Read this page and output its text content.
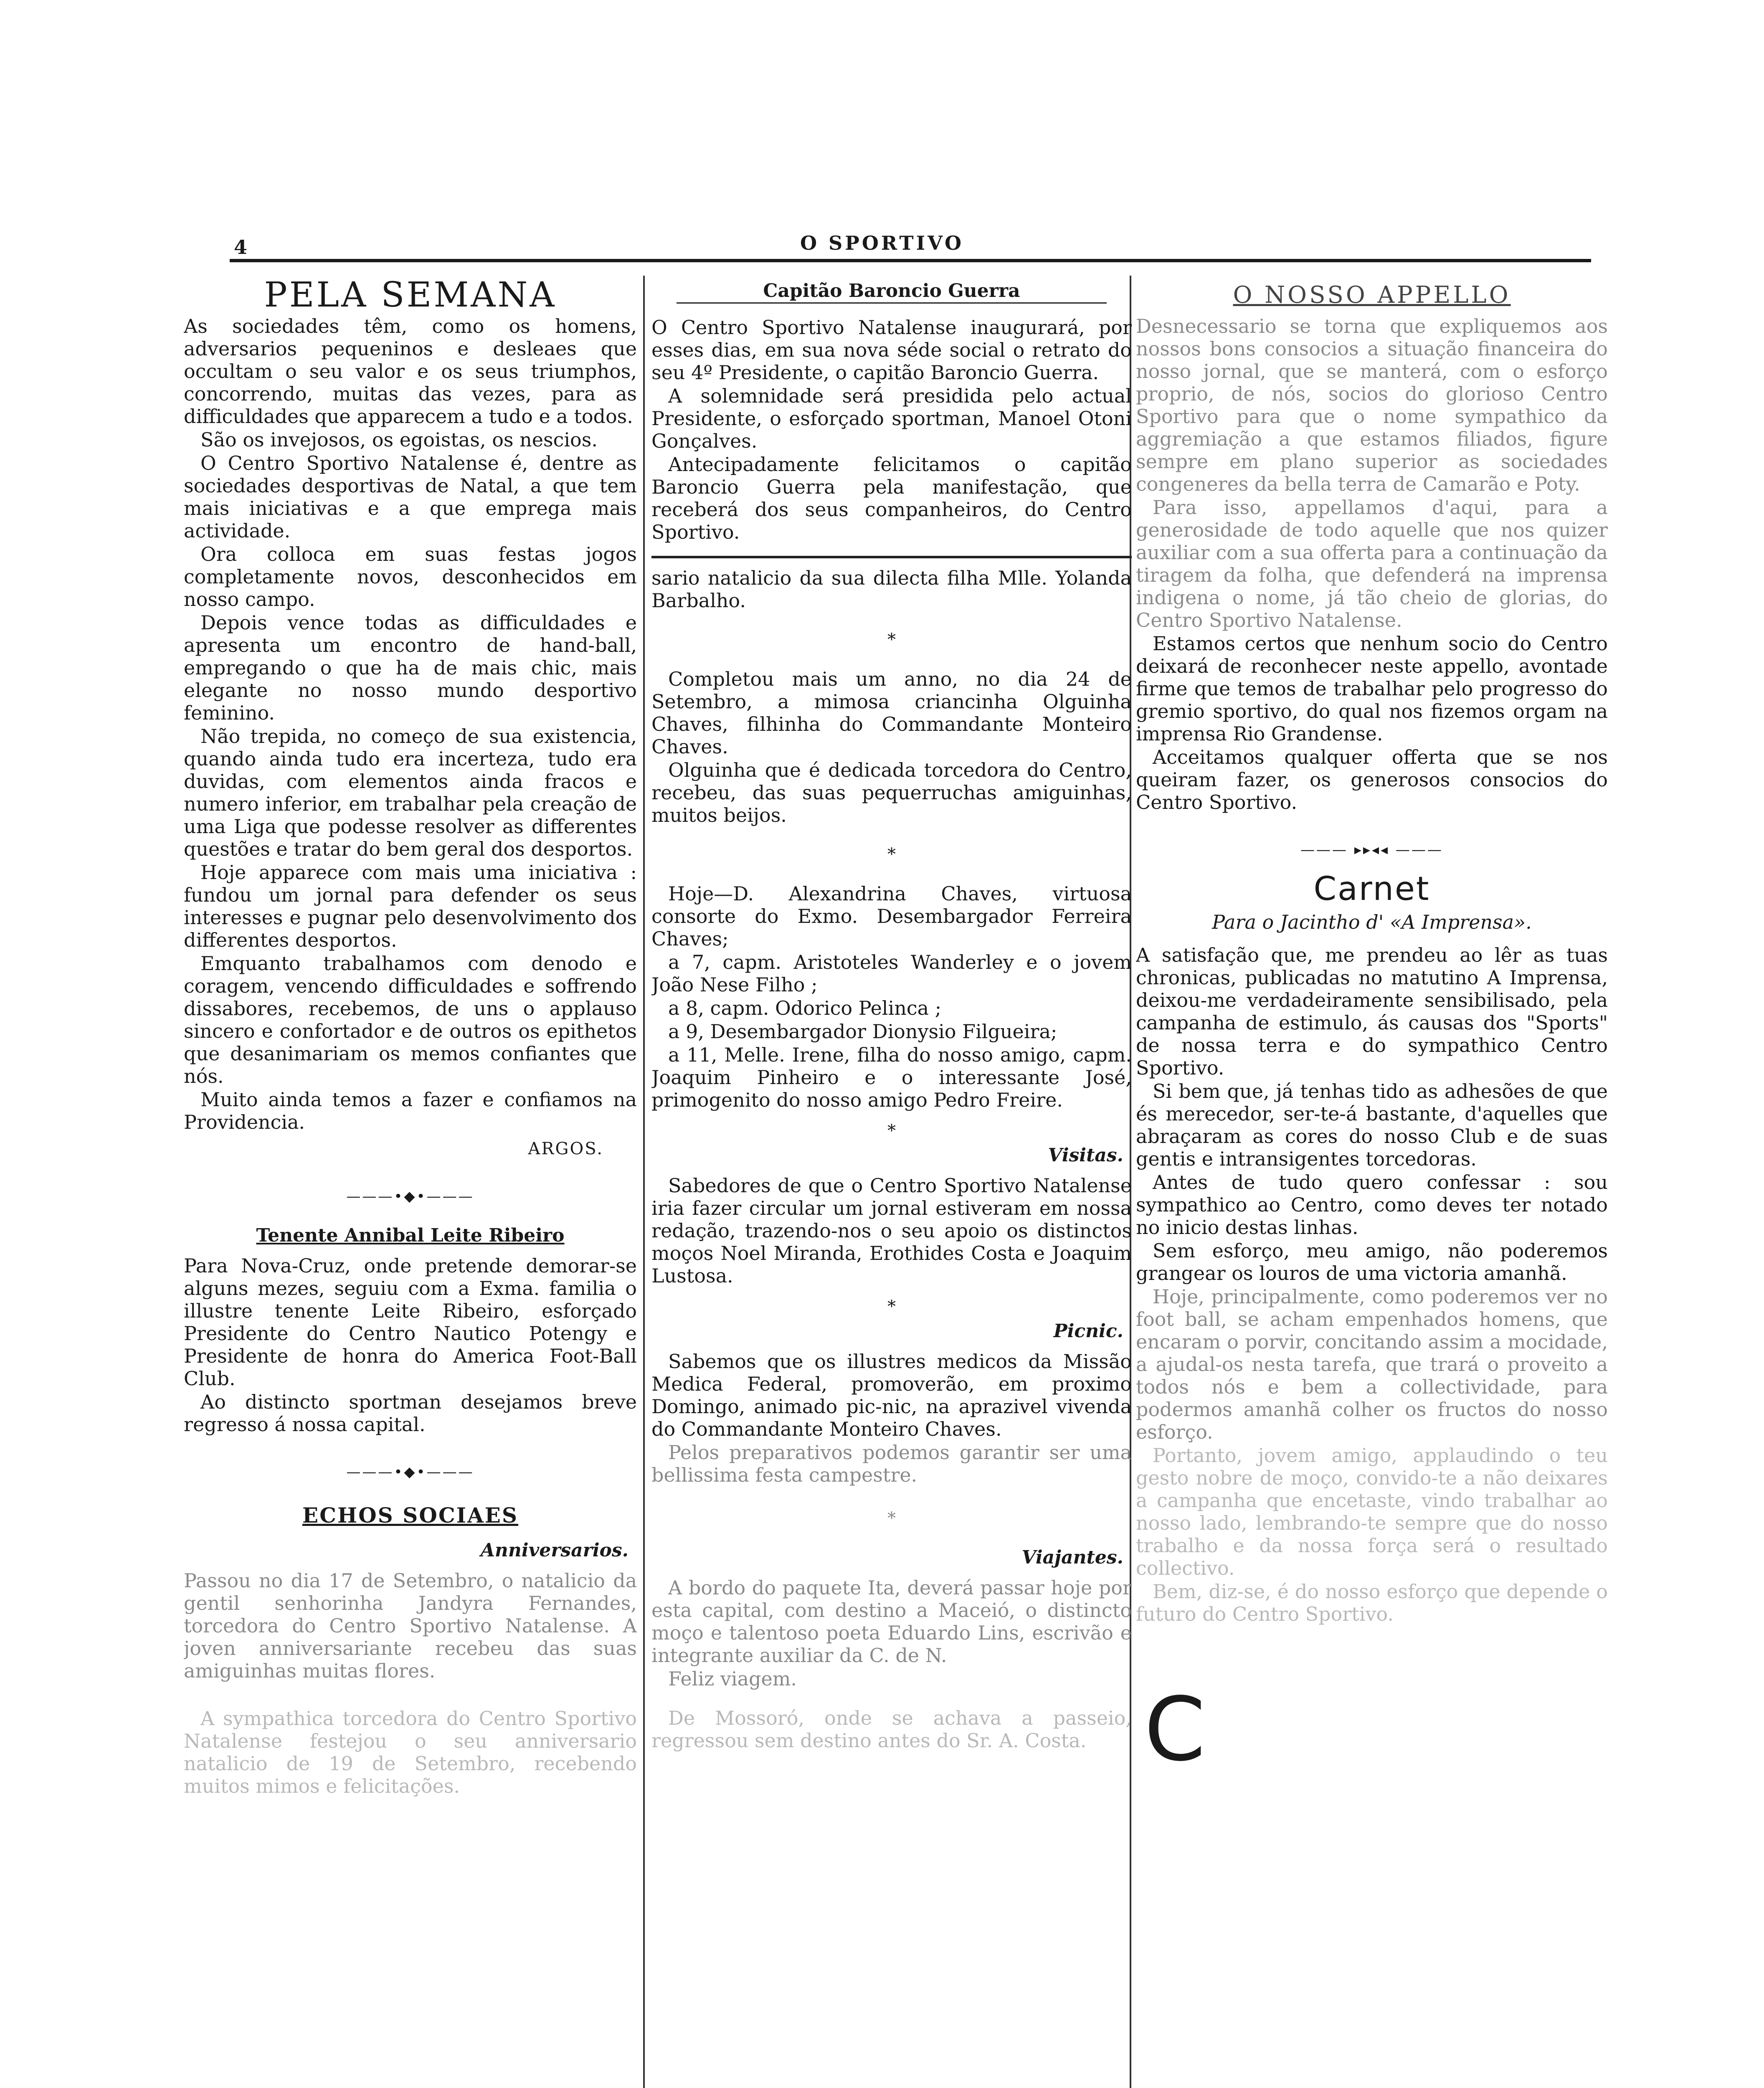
4	O SPORTIVO
PELA SEMANA

As sociedades têm, como os homens, adversarios pequeninos e desleaes que occultam o seu valor e os seus triumphos, concorrendo, muitas das vezes, para as difficuldades que apparecem a tudo e a todos.

São os invejosos, os egoistas, os nescios.

O Centro Sportivo Natalense é, dentre as sociedades desportivas de Natal, a que tem mais iniciativas e a que emprega mais actividade.

Ora colloca em suas festas jogos completamente novos, desconhecidos em nosso campo.

Depois vence todas as difficuldades e apresenta um encontro de hand-ball, empregando o que ha de mais chic, mais elegante no nosso mundo desportivo feminino.

Não trepida, no começo de sua existencia, quando ainda tudo era incerteza, tudo era duvidas, com elementos ainda fracos e numero inferior, em trabalhar pela creação de uma Liga que podesse resolver as differentes questões e tratar do bem geral dos desportos.

Hoje apparece com mais uma iniciativa : fundou um jornal para defender os seus interesses e pugnar pelo desenvolvimento dos differentes desportos.

Emquanto trabalhamos com denodo e coragem, vencendo difficuldades e soffrendo dissabores, recebemos, de uns o applauso sincero e confortador e de outros os epithetos que desanimariam os memos confiantes que nós.

Muito ainda temos a fazer e confiamos na Providencia.

ARGOS.
———•◆•———
Tenente Annibal Leite Ribeiro

Para Nova-Cruz, onde pretende demorar-se alguns mezes, seguiu com a Exma. familia o illustre tenente Leite Ribeiro, esforçado Presidente do Centro Nautico Potengy e Presidente de honra do America Foot-Ball Club.

Ao distincto sportman desejamos breve regresso á nossa capital.

———•◆•———
ECHOS SOCIAES
Anniversarios.

Passou no dia 17 de Setembro, o natalicio da gentil senhorinha Jandyra Fernandes, torcedora do Centro Sportivo Natalense. A joven anniversariante recebeu das suas amiguinhas muitas flores.

A sympathica torcedora do Centro Sportivo Natalense festejou o seu anniversario natalicio de 19 de Setembro, recebendo muitos mimos e felicitações.

Capitão Baroncio Guerra

O Centro Sportivo Natalense inaugurará, por esses dias, em sua nova séde social o retrato do seu 4º Presidente, o capitão Baroncio Guerra.

A solemnidade será presidida pelo actual Presidente, o esforçado sportman, Manoel Otoni Gonçalves.

Antecipadamente felicitamos o capitão Baroncio Guerra pela manifestação, que receberá dos seus companheiros, do Centro Sportivo.

sario natalicio da sua dilecta filha Mlle. Yolanda Barbalho.

*

Completou mais um anno, no dia 24 de Setembro, a mimosa criancinha Olguinha Chaves, filhinha do Commandante Monteiro Chaves.

Olguinha que é dedicada torcedora do Centro, recebeu, das suas pequerruchas amiguinhas, muitos beijos.

*

Hoje—D. Alexandrina Chaves, virtuosa consorte do Exmo. Desembargador Ferreira Chaves;

a 7, capm. Aristoteles Wanderley e o jovem João Nese Filho ;

a 8, capm. Odorico Pelinca ;

a 9, Desembargador Dionysio Filgueira;

a 11, Melle. Irene, filha do nosso amigo, capm. Joaquim Pinheiro e o interessante José, primogenito do nosso amigo Pedro Freire.

*
Visitas.

Sabedores de que o Centro Sportivo Natalense iria fazer circular um jornal estiveram em nossa redação, trazendo-nos o seu apoio os distinctos moços Noel Miranda, Erothides Costa e Joaquim Lustosa.

*
Picnic.

Sabemos que os illustres medicos da Missão Medica Federal, promoverão, em proximo Domingo, animado pic-nic, na aprazivel vivenda do Commandante Monteiro Chaves.

Pelos preparativos podemos garantir ser uma bellissima festa campestre.

*
Viajantes.

A bordo do paquete Ita, deverá passar hoje por esta capital, com destino a Maceió, o distincto moço e talentoso poeta Eduardo Lins, escrivão e integrante auxiliar da C. de N.

Feliz viagem.

De Mossoró, onde se achava a passeio, regressou sem destino antes do Sr. A. Costa.

O NOSSO APPELLO

Desnecessario se torna que expliquemos aos nossos bons consocios a situação financeira do nosso jornal, que se manterá, com o esforço proprio, de nós, socios do glorioso Centro Sportivo para que o nome sympathico da aggremiação a que estamos filiados, figure sempre em plano superior as sociedades congeneres da bella terra de Camarão e Poty.

Para isso, appellamos d'aqui, para a generosidade de todo aquelle que nos quizer auxiliar com a sua offerta para a continuação da tiragem da folha, que defenderá na imprensa indigena o nome, já tão cheio de glorias, do Centro Sportivo Natalense.

Estamos certos que nenhum socio do Centro deixará de reconhecer neste appello, avontade firme que temos de trabalhar pelo progresso do gremio sportivo, do qual nos fizemos orgam na imprensa Rio Grandense.

Acceitamos qualquer offerta que se nos queiram fazer, os generosos consocios do Centro Sportivo.

——— ▸▸◂◂ ———
Carnet
Para o Jacintho d' «A Imprensa».

A satisfação que, me prendeu ao lêr as tuas chronicas, publicadas no matutino A Imprensa, deixou-me verdadeiramente sensibilisado, pela campanha de estimulo, ás causas dos "Sports" de nossa terra e do sympathico Centro Sportivo.

Si bem que, já tenhas tido as adhesões de que és merecedor, ser-te-á bastante, d'aquelles que abraçaram as cores do nosso Club e de suas gentis e intransigentes torcedoras.

Antes de tudo quero confessar : sou sympathico ao Centro, como deves ter notado no inicio destas linhas.

Sem esforço, meu amigo, não poderemos grangear os louros de uma victoria amanhã.

Hoje, principalmente, como poderemos ver no foot ball, se acham empenhados homens, que encaram o porvir, concitando assim a mocidade, a ajudal-os nesta tarefa, que trará o proveito a todos nós e bem a collectividade, para podermos amanhã colher os fructos do nosso esforço.

Portanto, jovem amigo, applaudindo o teu gesto nobre de moço, convido-te a não deixares a campanha que encetaste, vindo trabalhar ao nosso lado, lembrando-te sempre que do nosso trabalho e da nossa força será o resultado collectivo.

Bem, diz-se, é do nosso esforço que depende o futuro do Centro Sportivo.

C
